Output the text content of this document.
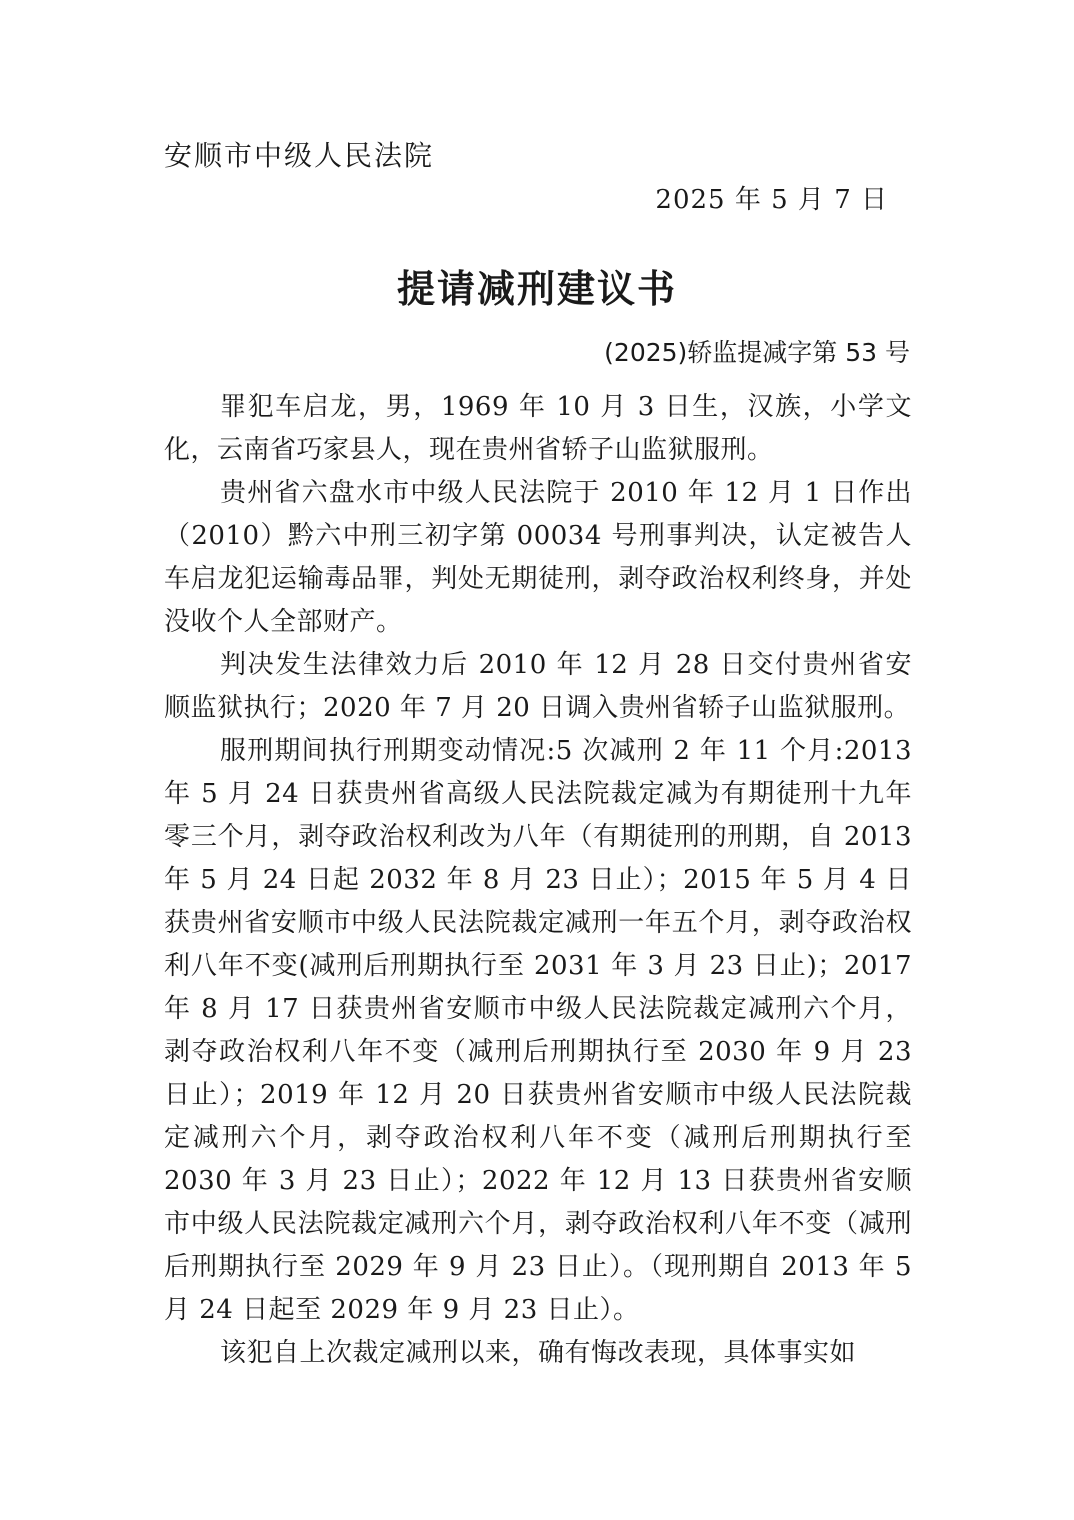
安顺市中级人民法院
2025 年 5 月 7 日
提请减刑建议书
(2025)轿监提减字第 53 号

罪犯车启龙，男，1969 年 10 月 3 日生，汉族，小学文化，云南省巧家县人，现在贵州省轿子山监狱服刑。

贵州省六盘水市中级人民法院于 2010 年 12 月 1 日作出（2010）黔六中刑三初字第 00034 号刑事判决，认定被告人车启龙犯运输毒品罪，判处无期徒刑，剥夺政治权利终身，并处没收个人全部财产。

判决发生法律效力后 2010 年 12 月 28 日交付贵州省安顺监狱执行；2020 年 7 月 20 日调入贵州省轿子山监狱服刑。

服刑期间执行刑期变动情况:5 次减刑 2 年 11 个月:2013 年 5 月 24 日获贵州省高级人民法院裁定减为有期徒刑十九年零三个月，剥夺政治权利改为八年（有期徒刑的刑期，自 2013 年 5 月 24 日起 2032 年 8 月 23 日止）；2015 年 5 月 4 日获贵州省安顺市中级人民法院裁定减刑一年五个月，剥夺政治权利八年不变(减刑后刑期执行至 2031 年 3 月 23 日止)；2017 年 8 月 17 日获贵州省安顺市中级人民法院裁定减刑六个月，剥夺政治权利八年不变（减刑后刑期执行至 2030 年 9 月 23 日止）；2019 年 12 月 20 日获贵州省安顺市中级人民法院裁定减刑六个月，剥夺政治权利八年不变（减刑后刑期执行至 2030 年 3 月 23 日止）；2022 年 12 月 13 日获贵州省安顺市中级人民法院裁定减刑六个月，剥夺政治权利八年不变（减刑后刑期执行至 2029 年 9 月 23 日止）。（现刑期自 2013 年 5 月 24 日起至 2029 年 9 月 23 日止）。

该犯自上次裁定减刑以来，确有悔改表现，具体事实如
